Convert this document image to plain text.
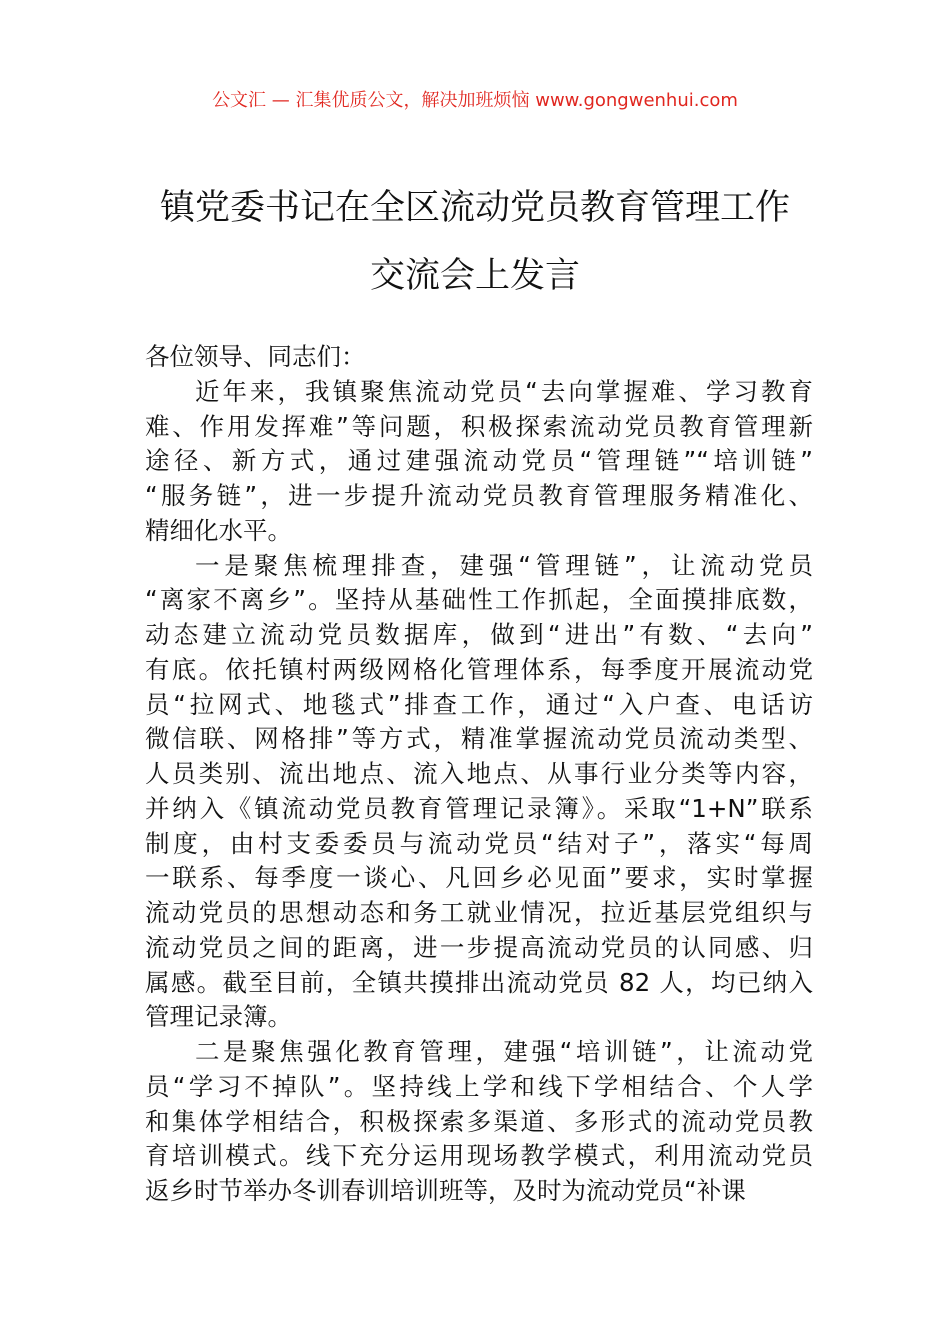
公文汇 — 汇集优质公文，解决加班烦恼 www.gongwenhui.com
镇党委书记在全区流动党员教育管理工作
交流会上发言
各位领导、同志们：
近年来，我镇聚焦流动党员“去向掌握难、学习教育
难、作用发挥难”等问题，积极探索流动党员教育管理新
途径、新方式，通过建强流动党员“管理链”“培训链”
“服务链”，进一步提升流动党员教育管理服务精准化、
精细化水平。
一是聚焦梳理排查，建强“管理链”，让流动党员
“离家不离乡”。坚持从基础性工作抓起，全面摸排底数，
动态建立流动党员数据库，做到“进出”有数、“去向”
有底。依托镇村两级网格化管理体系，每季度开展流动党
员“拉网式、地毯式”排查工作，通过“入户查、电话访
微信联、网格排”等方式，精准掌握流动党员流动类型、
人员类别、流出地点、流入地点、从事行业分类等内容，
并纳入《镇流动党员教育管理记录簿》。采取“1+N”联系
制度，由村支委委员与流动党员“结对子”，落实“每周
一联系、每季度一谈心、凡回乡必见面”要求，实时掌握
流动党员的思想动态和务工就业情况，拉近基层党组织与
流动党员之间的距离，进一步提高流动党员的认同感、归
属感。截至目前，全镇共摸排出流动党员 82 人，均已纳入
管理记录簿。
二是聚焦强化教育管理，建强“培训链”，让流动党
员“学习不掉队”。坚持线上学和线下学相结合、个人学
和集体学相结合，积极探索多渠道、多形式的流动党员教
育培训模式。线下充分运用现场教学模式，利用流动党员
返乡时节举办冬训春训培训班等，及时为流动党员“补课
